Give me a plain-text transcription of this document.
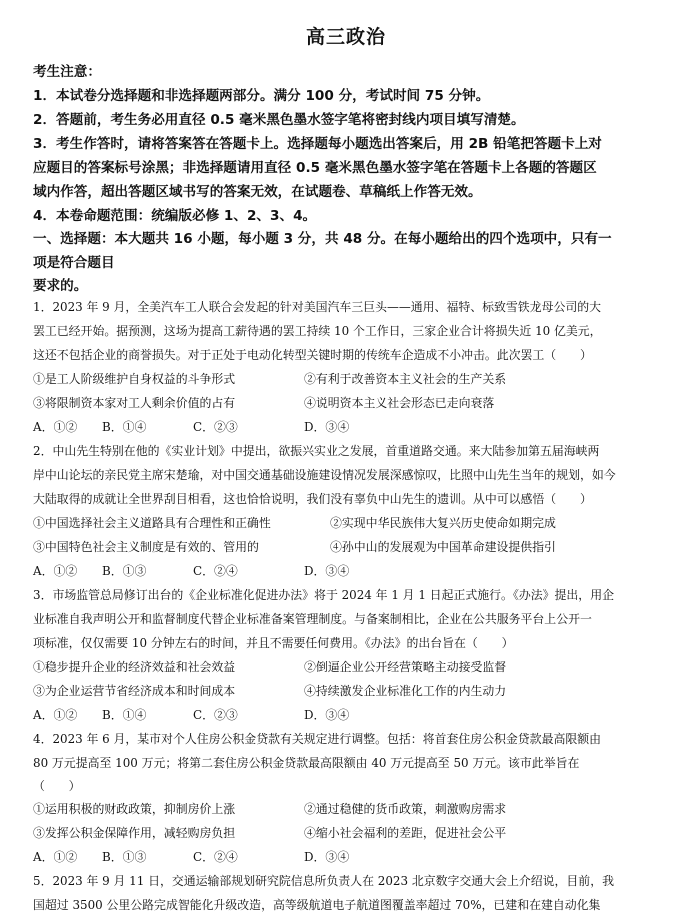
高三政治
考生注意：
1．本试卷分选择题和非选择题两部分。满分 100 分，考试时间 75 分钟。
2．答题前，考生务必用直径 0.5 毫米黑色墨水签字笔将密封线内项目填写清楚。
3．考生作答时，请将答案答在答题卡上。选择题每小题选出答案后，用 2B 铅笔把答题卡上对
应题目的答案标号涂黑；非选择题请用直径 0.5 毫米黑色墨水签字笔在答题卡上各题的答题区
域内作答，超出答题区域书写的答案无效，在试题卷、草稿纸上作答无效。
4．本卷命题范围：统编版必修 1、2、3、4。
一、选择题：本大题共 16 小题，每小题 3 分，共 48 分。在每小题给出的四个选项中，只有一
项是符合题目
要求的。
1．2023 年 9 月，全美汽车工人联合会发起的针对美国汽车三巨头——通用、福特、标致雪铁龙母公司的大
罢工已经开始。据预测，这场为提高工薪待遇的罢工持续 10 个工作日，三家企业合计将损失近 10 亿美元，
这还不包括企业的商誉损失。对于正处于电动化转型关键时期的传统车企造成不小冲击。此次罢工（　　）
①是工人阶级维护自身权益的斗争形式	②有利于改善资本主义社会的生产关系
③将限制资本家对工人剩余价值的占有	④说明资本主义社会形态已走向衰落
A．①② B．①④	C．②③	D．③④
2．中山先生特别在他的《实业计划》中提出，欲振兴实业之发展，首重道路交通。来大陆参加第五届海峡两
岸中山论坛的亲民党主席宋楚瑜，对中国交通基础设施建设情况发展深感惊叹，比照中山先生当年的规划，如今
大陆取得的成就让全世界刮目相看，这也恰恰说明，我们没有辜负中山先生的遗训。从中可以感悟（　　）
①中国选择社会主义道路具有合理性和正确性	②实现中华民族伟大复兴历史使命如期完成
③中国特色社会主义制度是有效的、管用的	④孙中山的发展观为中国革命建设提供指引
A．①② B．①③	C．②④	D．③④
3．市场监管总局修订出台的《企业标准化促进办法》将于 2024 年 1 月 1 日起正式施行。《办法》提出，用企
业标准自我声明公开和监督制度代替企业标准备案管理制度。与备案制相比，企业在公共服务平台上公开一
项标准，仅仅需要 10 分钟左右的时间，并且不需要任何费用。《办法》的出台旨在（　　）
①稳步提升企业的经济效益和社会效益	②倒逼企业公开经营策略主动接受监督
③为企业运营节省经济成本和时间成本	④持续激发企业标准化工作的内生动力
A．①② B．①④	C．②③	D．③④
4．2023 年 6 月，某市对个人住房公积金贷款有关规定进行调整。包括：将首套住房公积金贷款最高限额由
80 万元提高至 100 万元；将第二套住房公积金贷款最高限额由 40 万元提高至 50 万元。该市此举旨在
（　　）
①运用积极的财政政策，抑制房价上涨	②通过稳健的货币政策，刺激购房需求
③发挥公积金保障作用，减轻购房负担	④缩小社会福利的差距，促进社会公平
A．①② B．①③	C．②④	D．③④
5．2023 年 9 月 11 日，交通运输部规划研究院信息所负责人在 2023 北京数字交通大会上介绍说，目前，我
国超过 3500 公里公路完成智能化升级改造，高等级航道电子航道图覆盖率超过 70%，已建和在建自动化集
